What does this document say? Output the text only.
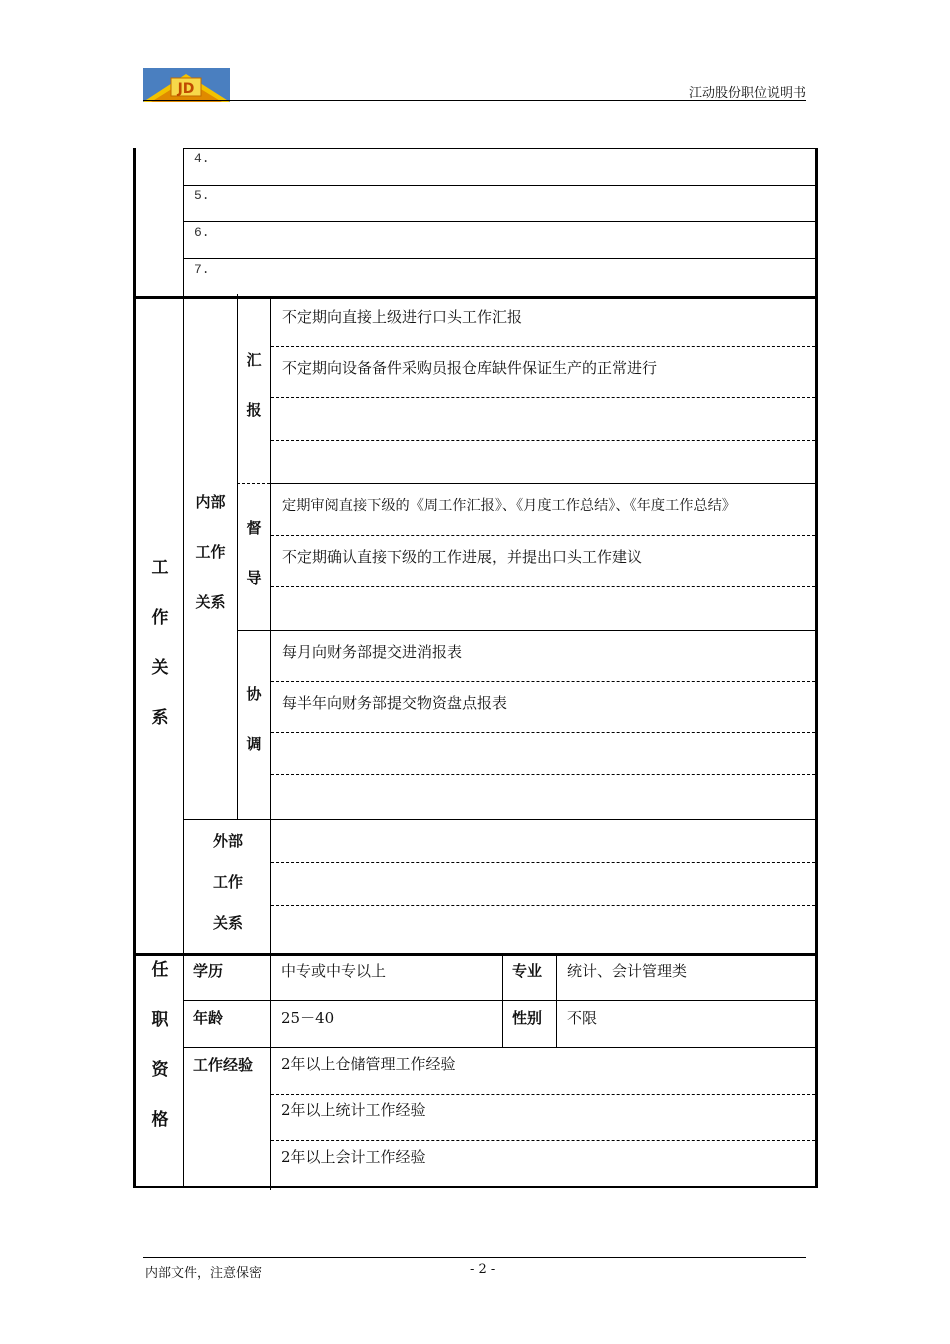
JD	江动股份职位说明书
4.
5.
6.
7.
工
作
关
系
内部
工作
关系
汇
报
不定期向直接上级进行口头工作汇报
不定期向设备备件采购员报仓库缺件保证生产的正常进行
督
导
定期审阅直接下级的《周工作汇报》、《月度工作总结》、《年度工作总结》
不定期确认直接下级的工作进展，并提出口头工作建议
协
调
每月向财务部提交进消报表
每半年向财务部提交物资盘点报表
外部
工作
关系
任
职
资
格
学历	中专或中专以上	专业 统计、会计管理类
年龄	25－40	性别 不限
工作经验 2年以上仓储管理工作经验
2年以上统计工作经验
2年以上会计工作经验
内部文件，注意保密	- 2 -
